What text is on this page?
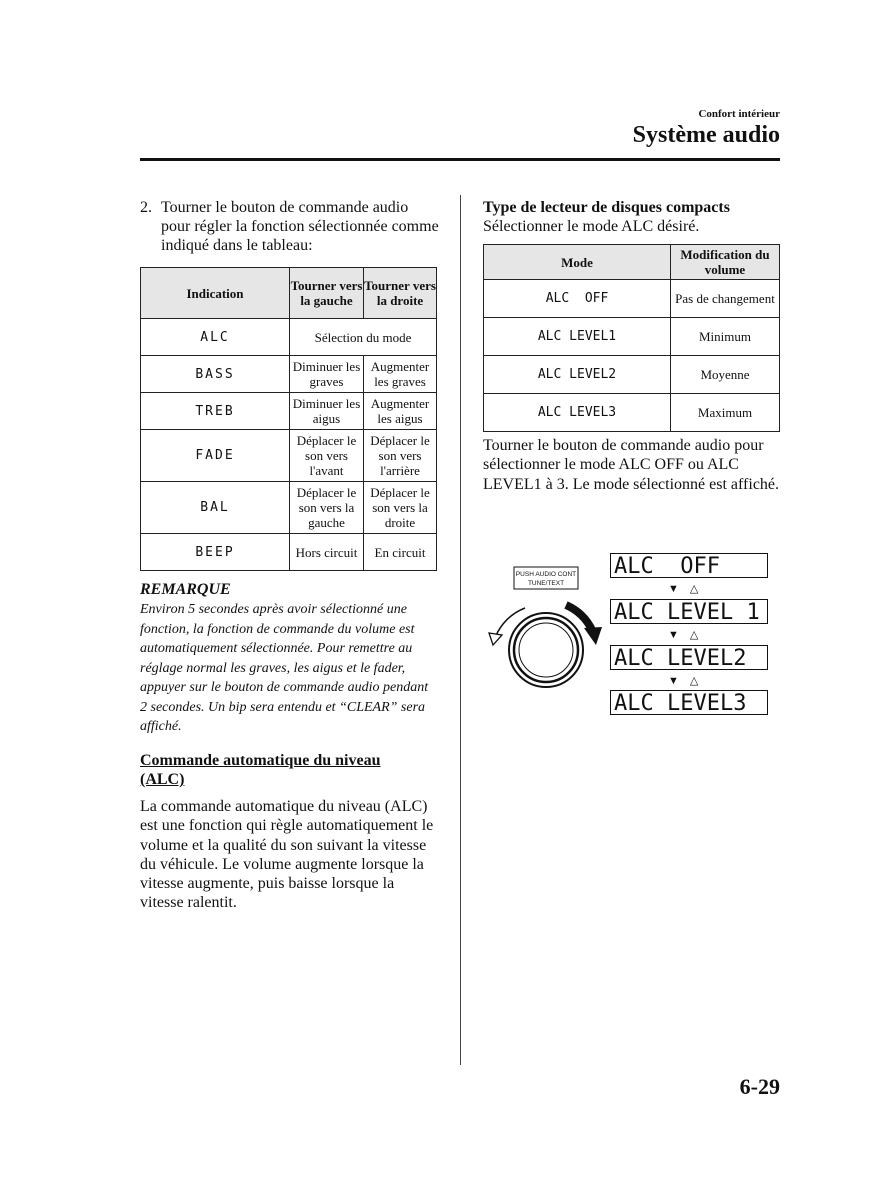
Confort intérieur
Système audio
2. Tourner le bouton de commande audio pour régler la fonction sélectionnée comme indiqué dans le tableau:
Indication	Tourner vers la gauche	Tourner vers la droite
ALC	Sélection du mode	
BASS	Diminuer les graves	Augmenter les graves
TREB	Diminuer les aigus	Augmenter les aigus
FADE	Déplacer le son vers l'avant	Déplacer le son vers l'arrière
BAL	Déplacer le son vers la gauche	Déplacer le son vers la droite
BEEP	Hors circuit	En circuit
REMARQUE
Environ 5 secondes après avoir sélectionné une fonction, la fonction de commande du volume est automatiquement sélectionnée. Pour remettre au réglage normal les graves, les aigus et le fader, appuyer sur le bouton de commande audio pendant 2 secondes. Un bip sera entendu et “CLEAR” sera affiché.
Commande automatique du niveau (ALC)
La commande automatique du niveau (ALC) est une fonction qui règle automatiquement le volume et la qualité du son suivant la vitesse du véhicule. Le volume augmente lorsque la vitesse augmente, puis baisse lorsque la vitesse ralentit.
Type de lecteur de disques compacts
Sélectionner le mode ALC désiré.
Mode	Modification du volume
ALC  OFF	Pas de changement
ALC LEVEL1	Minimum
ALC LEVEL2	Moyenne
ALC LEVEL3	Maximum
Tourner le bouton de commande audio pour sélectionner le mode ALC OFF ou ALC LEVEL1 à 3. Le mode sélectionné est affiché.
PUSH AUDIO CONT
TUNE/TEXT
ALC  OFF
▼ △
ALC LEVEL 1
▼ △
ALC LEVEL2
▼ △
ALC LEVEL3
6-29
